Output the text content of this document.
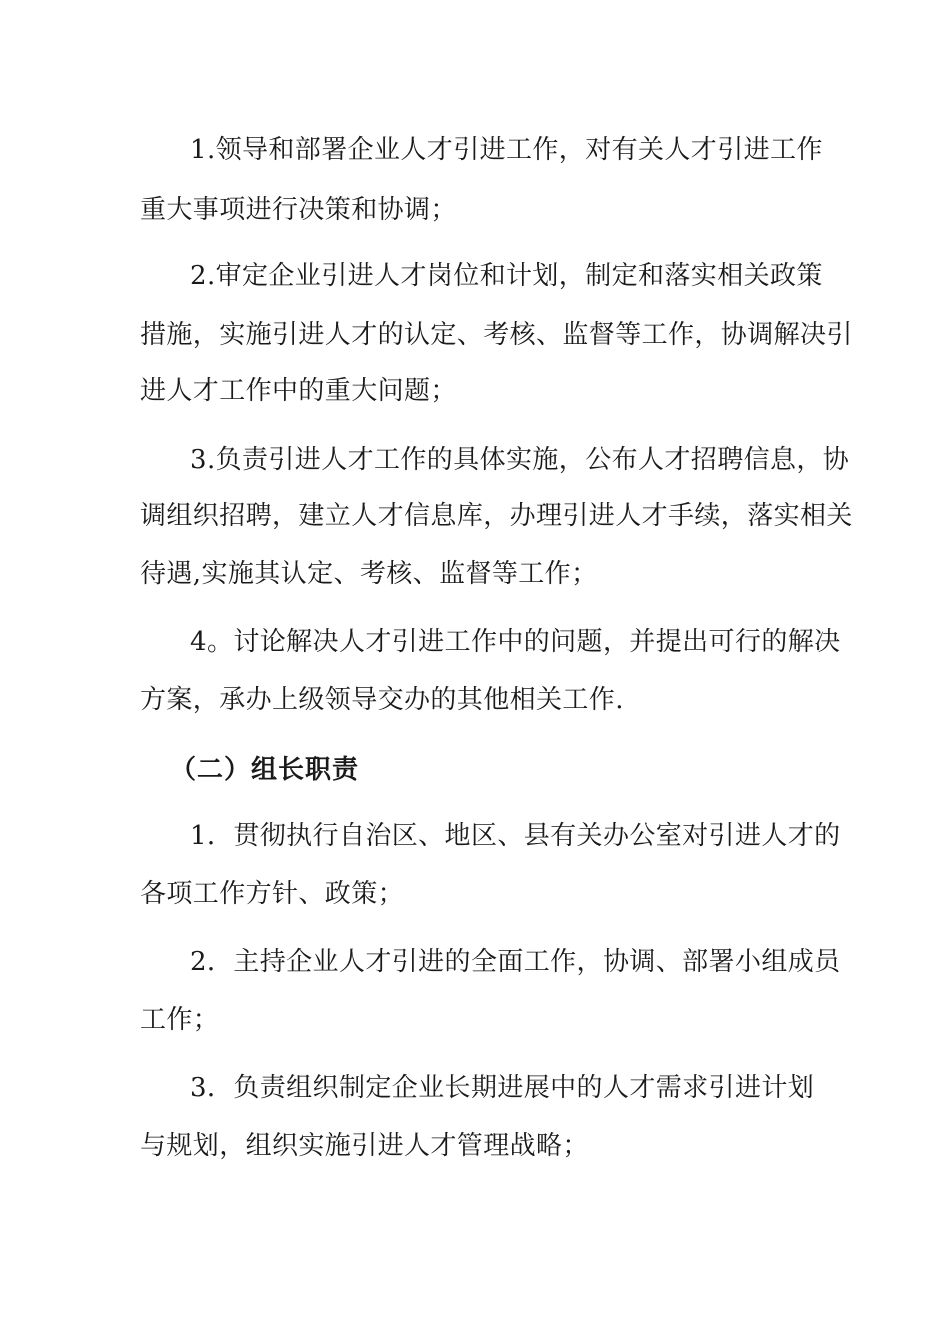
1.领导和部署企业人才引进工作，对有关人才引进工作
重大事项进行决策和协调；
2.审定企业引进人才岗位和计划，制定和落实相关政策
措施，实施引进人才的认定、考核、监督等工作，协调解决引
进人才工作中的重大问题；
3.负责引进人才工作的具体实施，公布人才招聘信息，协
调组织招聘，建立人才信息库，办理引进人才手续，落实相关
待遇,实施其认定、考核、监督等工作；
4。讨论解决人才引进工作中的问题，并提出可行的解决
方案，承办上级领导交办的其他相关工作.
（二）组长职责
1．贯彻执行自治区、地区、县有关办公室对引进人才的
各项工作方针、政策；
2．主持企业人才引进的全面工作，协调、部署小组成员
工作；
3．负责组织制定企业长期进展中的人才需求引进计划
与规划，组织实施引进人才管理战略；
